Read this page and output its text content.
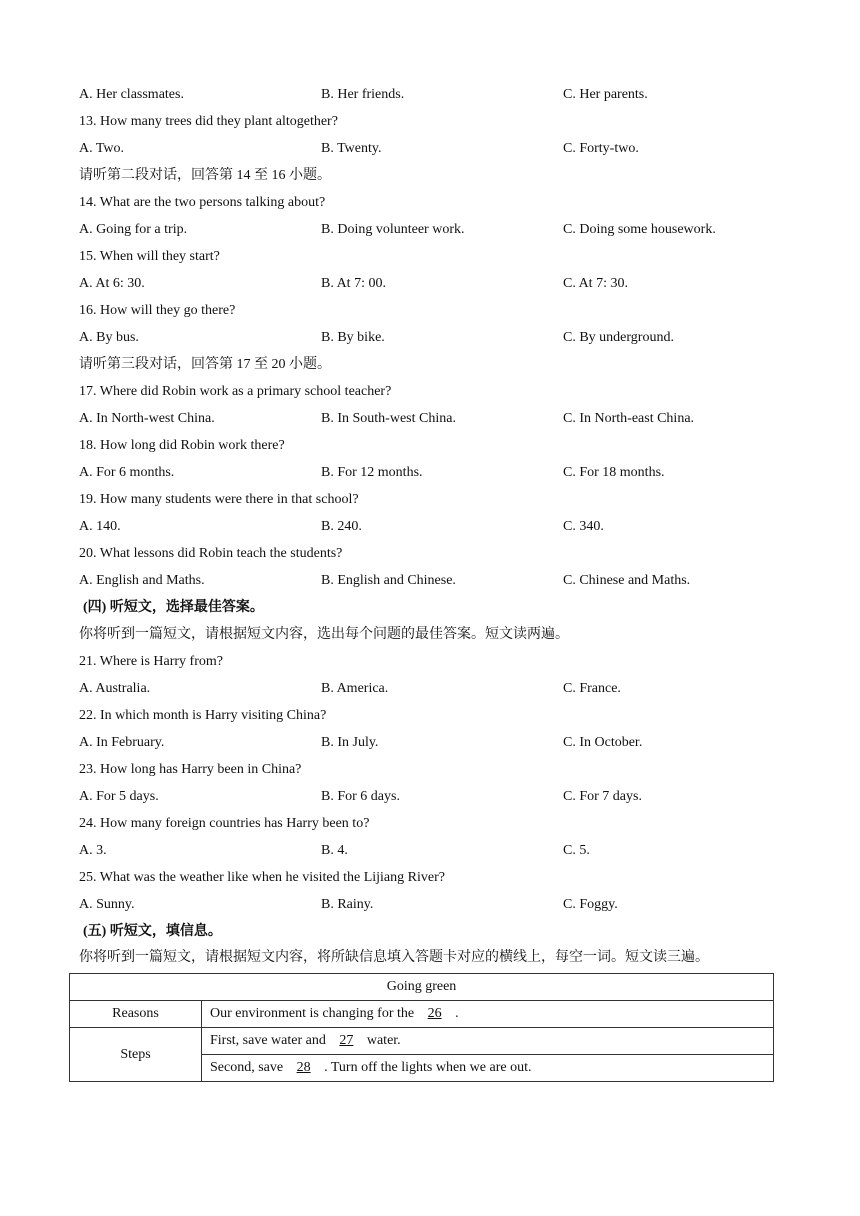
A. Her classmates.	B. Her friends.	C. Her parents.
13. How many trees did they plant altogether?
A. Two.	B. Twenty.	C. Forty-two.
请听第二段对话，回答第 14 至 16 小题。
14. What are the two persons talking about?
A. Going for a trip.	B. Doing volunteer work.	C. Doing some housework.
15. When will they start?
A. At 6: 30.	B. At 7: 00.	C. At 7: 30.
16. How will they go there?
A. By bus.	B. By bike.	C. By underground.
请听第三段对话，回答第 17 至 20 小题。
17. Where did Robin work as a primary school teacher?
A. In North-west China.	B. In South-west China.	C. In North-east China.
18. How long did Robin work there?
A. For 6 months.	B. For 12 months.	C. For 18 months.
19. How many students were there in that school?
A. 140.	B. 240.	C. 340.
20. What lessons did Robin teach the students?
A. English and Maths.	B. English and Chinese.	C. Chinese and Maths.
(四) 听短文，选择最佳答案。
你将听到一篇短文，请根据短文内容，选出每个问题的最佳答案。短文读两遍。
21. Where is Harry from?
A. Australia.	B. America.	C. France.
22. In which month is Harry visiting China?
A. In February.	B. In July.	C. In October.
23. How long has Harry been in China?
A. For 5 days.	B. For 6 days.	C. For 7 days.
24. How many foreign countries has Harry been to?
A. 3.	B. 4.	C. 5.
25. What was the weather like when he visited the Lijiang River?
A. Sunny.	B. Rainy.	C. Foggy.
(五) 听短文，填信息。
你将听到一篇短文，请根据短文内容，将所缺信息填入答题卡对应的横线上，每空一词。短文读三遍。
Going green	
Reasons	Our environment is changing for the 26 .
Steps	First, save water and 27 water.
	Second, save 28 . Turn off the lights when we are out.
